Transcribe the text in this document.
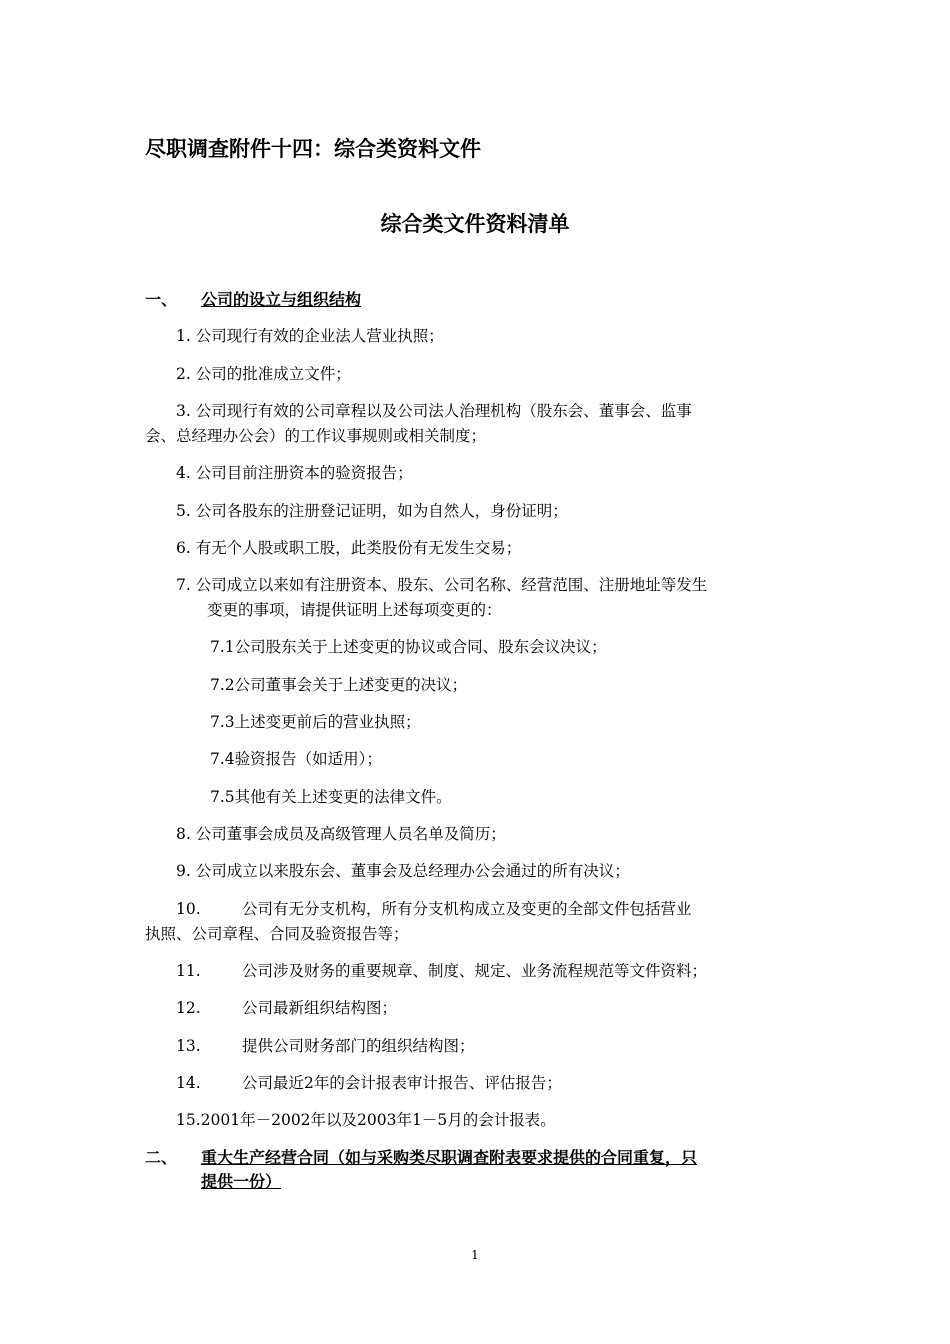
尽职调查附件十四：综合类资料文件
综合类文件资料清单
一、 公司的设立与组织结构
1. 公司现行有效的企业法人营业执照；
2. 公司的批准成立文件；
3. 公司现行有效的公司章程以及公司法人治理机构（股东会、董事会、监事
会、总经理办公会）的工作议事规则或相关制度；
4. 公司目前注册资本的验资报告；
5. 公司各股东的注册登记证明，如为自然人，身份证明；
6. 有无个人股或职工股，此类股份有无发生交易；
7. 公司成立以来如有注册资本、股东、公司名称、经营范围、注册地址等发生
变更的事项，请提供证明上述每项变更的：
7.1公司股东关于上述变更的协议或合同、股东会议决议；
7.2公司董事会关于上述变更的决议；
7.3上述变更前后的营业执照；
7.4验资报告（如适用）；
7.5其他有关上述变更的法律文件。
8. 公司董事会成员及高级管理人员名单及简历；
9. 公司成立以来股东会、董事会及总经理办公会通过的所有决议；
10.	公司有无分支机构，所有分支机构成立及变更的全部文件包括营业
执照、公司章程、合同及验资报告等；
11.	公司涉及财务的重要规章、制度、规定、业务流程规范等文件资料；
12.	公司最新组织结构图；
13.	提供公司财务部门的组织结构图；
14.	公司最近2年的会计报表审计报告、评估报告；
15.2001年－2002年以及2003年1－5月的会计报表。
二、 重大生产经营合同（如与采购类尽职调查附表要求提供的合同重复，只
提供一份）
1
